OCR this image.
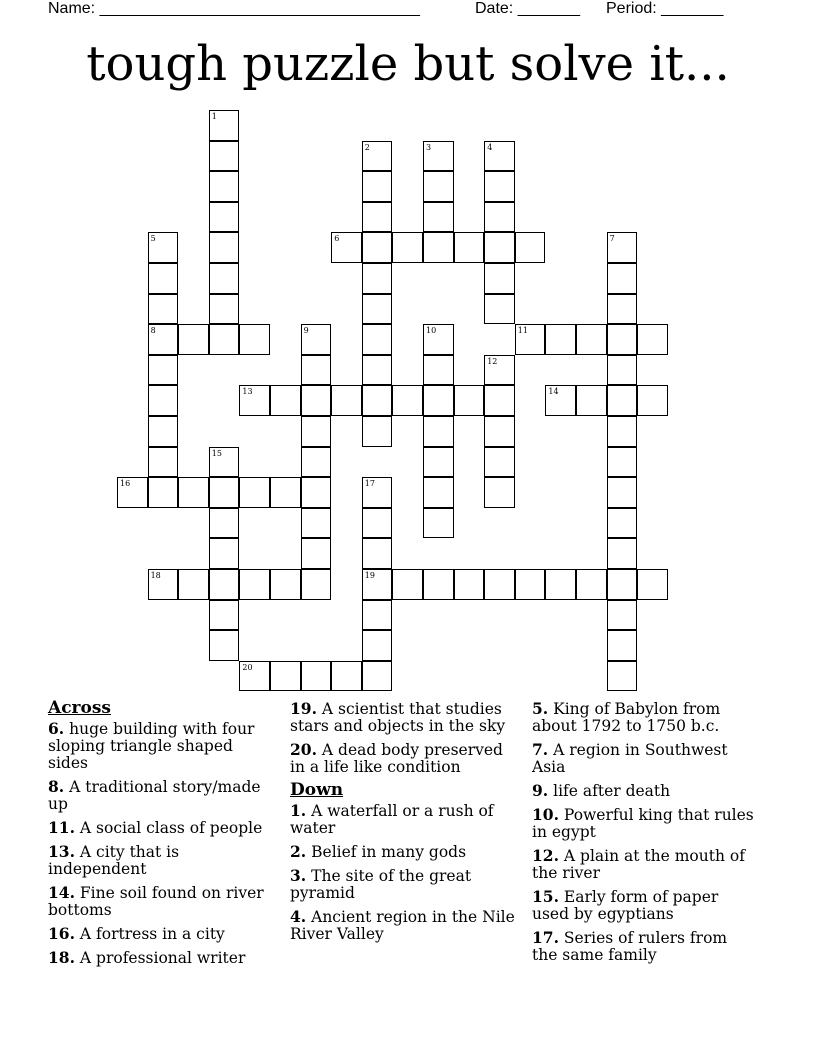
Name: ____________________________________	Date: _______ Period: _______
tough puzzle but solve it...
1
2	3	4
5
8
6	7
9	10	11
12
13	14
15
16	17
19
18
20
Across
6. huge building with four sloping triangle shaped sides
8. A traditional story/made up
11. A social class of people
13. A city that is independent
14. Fine soil found on river bottoms
16. A fortress in a city
18. A professional writer
19. A scientist that studies stars and objects in the sky
20. A dead body preserved in a life like condition
Down
1. A waterfall or a rush of water
2. Belief in many gods
3. The site of the great pyramid
4. Ancient region in the Nile River Valley
5. King of Babylon from about 1792 to 1750 b.c.
7. A region in Southwest Asia
9. life after death
10. Powerful king that rules in egypt
12. A plain at the mouth of the river
15. Early form of paper used by egyptians
17. Series of rulers from the same family
